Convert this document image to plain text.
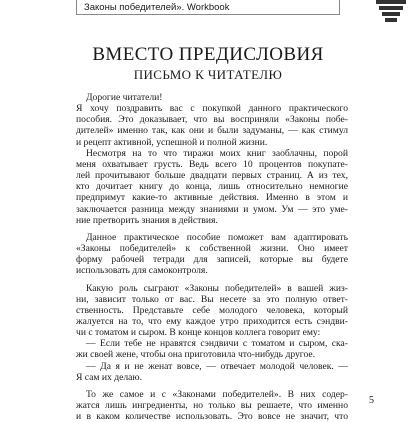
Законы победителей». Workbook
ВМЕСТО ПРЕДИСЛОВИЯ
ПИСЬМО К ЧИТАТЕЛЮ

Дорогие читатели!

Я хочу поздравить вас с покупкой данного практического
пособия. Это доказывает, что вы восприняли «Законы побе-
дителей» именно так, как они и были задуманы, — как стимул
и рецепт активной, успешной и полной жизни.

Несмотря на то что тиражи моих книг заоблачны, порой
меня охватывает грусть. Ведь всего 10 процентов покупате-
лей прочитывают больше двадцати первых страниц. А из тех,
кто дочитает книгу до конца, лишь относительно немногие
предпримут какие-то активные действия. Именно в этом и
заключается разница между знаниями и умом. Ум — это уме-
ние претворить знания в действия.

Данное практическое пособие поможет вам адаптировать
«Законы победителей» к собственной жизни. Оно имеет
форму рабочей тетради для записей, которые вы будете
использовать для самоконтроля.

Какую роль сыграют «Законы победителей» в вашей жиз-
ни, зависит только от вас. Вы несете за это полную ответ-
ственность. Представьте себе молодого человека, который
жалуется на то, что ему каждое утро приходится есть сэндви-
чи с томатом и сыром. В конце концов коллега говорит ему:

— Если тебе не нравятся сэндвичи с томатом и сыром, ска-
жи своей жене, чтобы она приготовила что-нибудь другое.

— Да я и не женат вовсе, — отвечает молодой человек. —
Я сам их делаю.

То же самое и с «Законами победителей». В них содер-
жатся лишь ингредиенты, но только вы решаете, что именно
и в каком количестве использовать. Это вовсе не значит, что

5
